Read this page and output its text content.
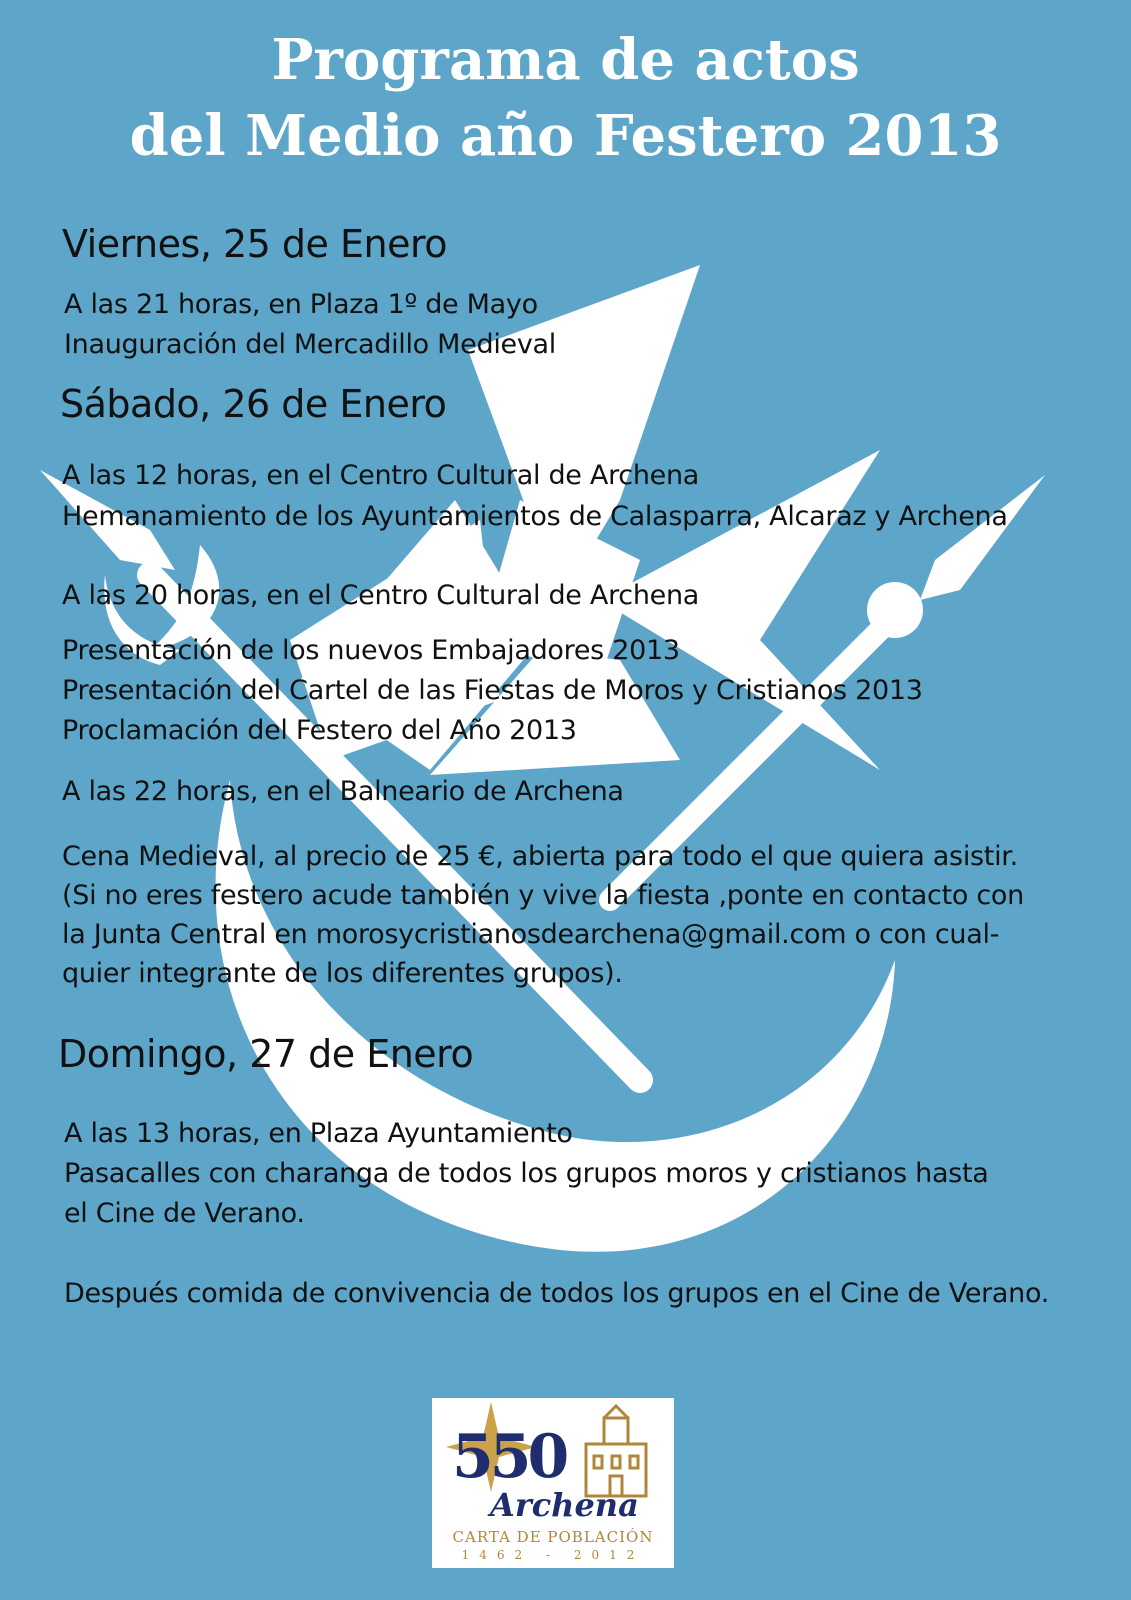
Programa de actos
del Medio año Festero 2013
Viernes, 25 de Enero
A las 21 horas, en Plaza 1º de Mayo
Inauguración del Mercadillo Medieval
Sábado, 26 de Enero
A las 12 horas, en el Centro Cultural de Archena
Hemanamiento de los Ayuntamientos de Calasparra, Alcaraz y Archena
A las 20 horas, en el Centro Cultural de Archena
Presentación de los nuevos Embajadores 2013
Presentación del Cartel de las Fiestas de Moros y Cristianos 2013
Proclamación del Festero del Año 2013
A las 22 horas, en el Balneario de Archena
Cena Medieval, al precio de 25 €, abierta para todo el que quiera asistir.
(Si no eres festero acude también y vive la fiesta ,ponte en contacto con
la Junta Central en morosycristianosdearchena@gmail.com o con cual-
quier integrante de los diferentes grupos).
Domingo, 27 de Enero
A las 13 horas, en Plaza Ayuntamiento
Pasacalles con charanga de todos los grupos moros y cristianos hasta
el Cine de Verano.
Después comida de convivencia de todos los grupos en el Cine de Verano.
550
Archena
CARTA DE POBLACIÓN
1462 - 2012
